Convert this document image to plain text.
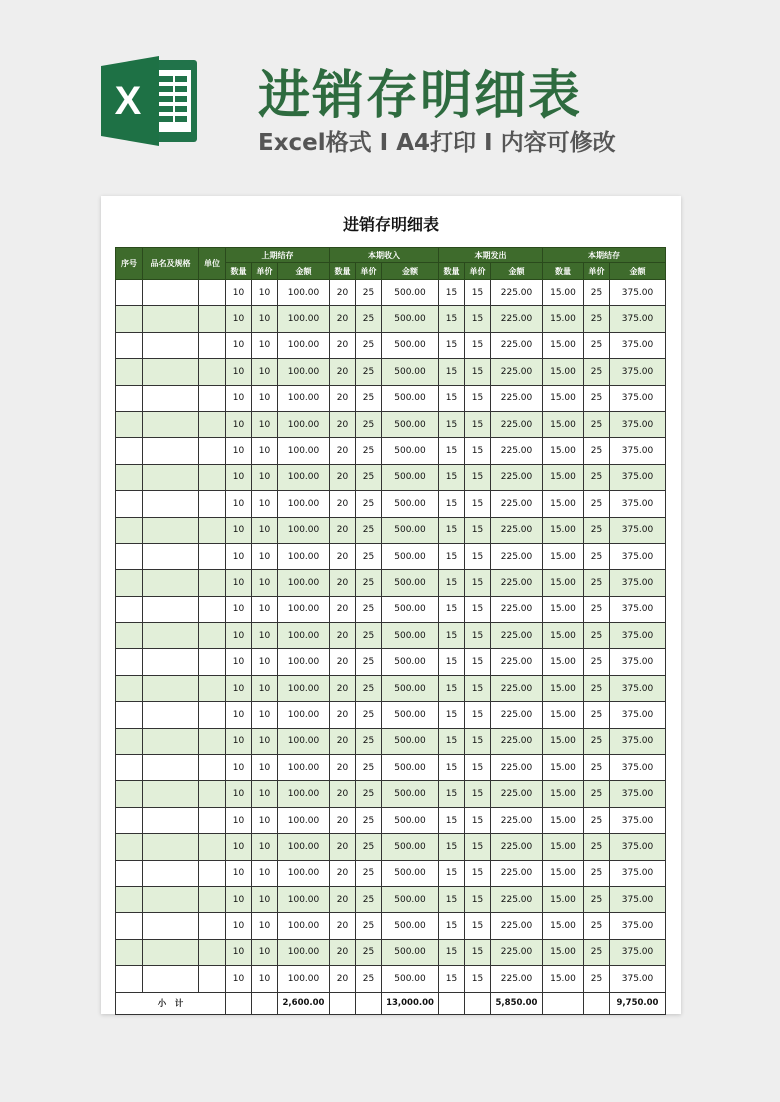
X 进销存明细表
Excel格式 I A4打印 I 内容可修改
进销存明细表
序号	品名及规格	单位	上期结存			本期收入			本期发出			本期结存		
			数量	单价	金额	数量	单价	金额	数量	单价	金额	数量	单价	金额
			10	10	100.00	20	25	500.00	15	15	225.00	15.00	25	375.00
			10	10	100.00	20	25	500.00	15	15	225.00	15.00	25	375.00
			10	10	100.00	20	25	500.00	15	15	225.00	15.00	25	375.00
			10	10	100.00	20	25	500.00	15	15	225.00	15.00	25	375.00
			10	10	100.00	20	25	500.00	15	15	225.00	15.00	25	375.00
			10	10	100.00	20	25	500.00	15	15	225.00	15.00	25	375.00
			10	10	100.00	20	25	500.00	15	15	225.00	15.00	25	375.00
			10	10	100.00	20	25	500.00	15	15	225.00	15.00	25	375.00
			10	10	100.00	20	25	500.00	15	15	225.00	15.00	25	375.00
			10	10	100.00	20	25	500.00	15	15	225.00	15.00	25	375.00
			10	10	100.00	20	25	500.00	15	15	225.00	15.00	25	375.00
			10	10	100.00	20	25	500.00	15	15	225.00	15.00	25	375.00
			10	10	100.00	20	25	500.00	15	15	225.00	15.00	25	375.00
			10	10	100.00	20	25	500.00	15	15	225.00	15.00	25	375.00
			10	10	100.00	20	25	500.00	15	15	225.00	15.00	25	375.00
			10	10	100.00	20	25	500.00	15	15	225.00	15.00	25	375.00
			10	10	100.00	20	25	500.00	15	15	225.00	15.00	25	375.00
			10	10	100.00	20	25	500.00	15	15	225.00	15.00	25	375.00
			10	10	100.00	20	25	500.00	15	15	225.00	15.00	25	375.00
			10	10	100.00	20	25	500.00	15	15	225.00	15.00	25	375.00
			10	10	100.00	20	25	500.00	15	15	225.00	15.00	25	375.00
			10	10	100.00	20	25	500.00	15	15	225.00	15.00	25	375.00
			10	10	100.00	20	25	500.00	15	15	225.00	15.00	25	375.00
			10	10	100.00	20	25	500.00	15	15	225.00	15.00	25	375.00
			10	10	100.00	20	25	500.00	15	15	225.00	15.00	25	375.00
			10	10	100.00	20	25	500.00	15	15	225.00	15.00	25	375.00
			10	10	100.00	20	25	500.00	15	15	225.00	15.00	25	375.00
小　计					2,600.00			13,000.00			5,850.00			9,750.00
